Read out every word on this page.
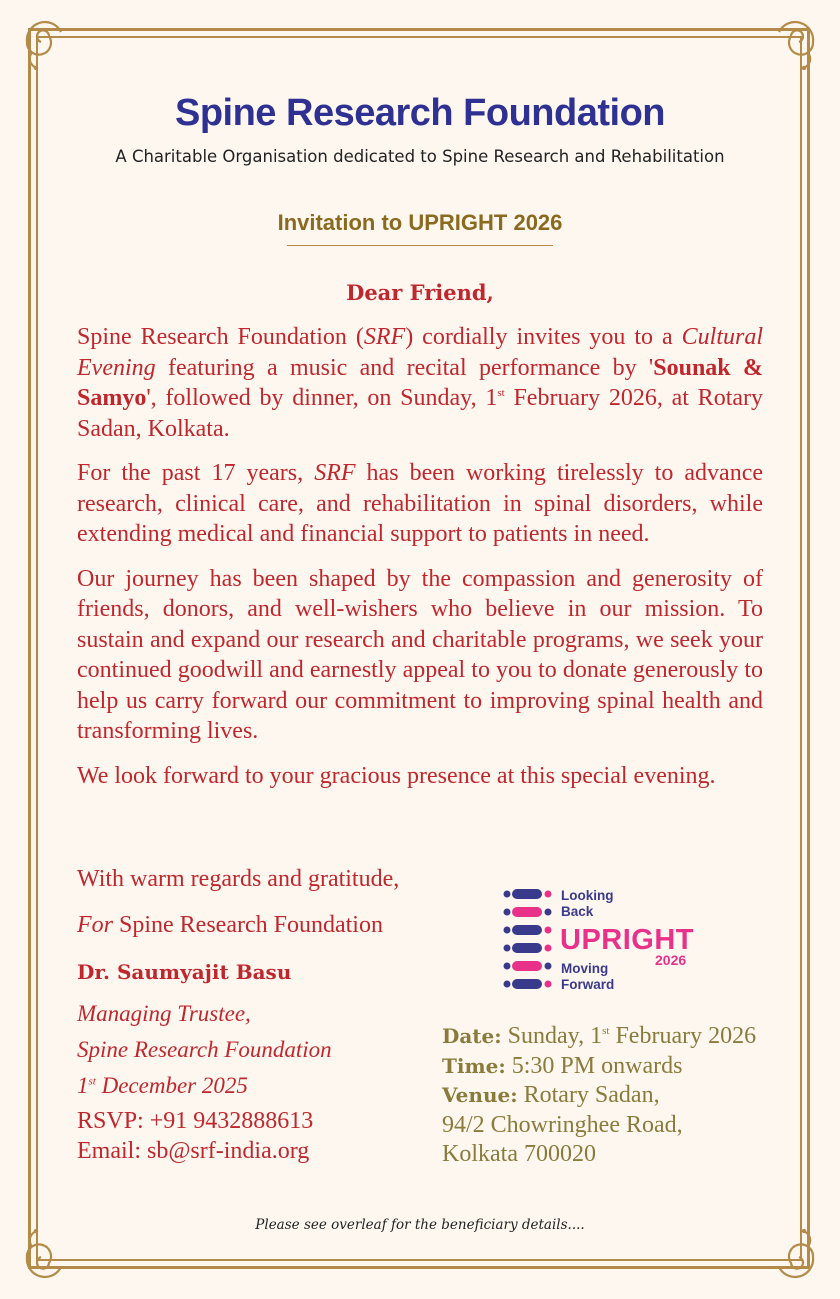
Spine Research Foundation
A Charitable Organisation dedicated to Spine Research and Rehabilitation
Invitation to UPRIGHT 2026
Dear Friend,

Spine Research Foundation (SRF) cordially invites you to a Cultural Evening featuring a music and recital performance by 'Sounak & Samyo', followed by dinner, on Sunday, 1st February 2026, at Rotary Sadan, Kolkata.

For the past 17 years, SRF has been working tirelessly to advance research, clinical care, and rehabilitation in spinal disorders, while extending medical and financial support to patients in need.

Our journey has been shaped by the compassion and generosity of friends, donors, and well-wishers who believe in our mission. To sustain and expand our research and charitable programs, we seek your continued goodwill and earnestly appeal to you to donate generously to help us carry forward our commitment to improving spinal health and transforming lives.

We look forward to your gracious presence at this special evening.

With warm regards and gratitude,
For Spine Research Foundation
Dr. Saumyajit Basu
Managing Trustee,
Spine Research Foundation
1st December 2025
RSVP: +91 9432888613
Email: sb@srf-india.org
Looking
Back
UPRIGHT
2026
Moving
Forward
Date: Sunday, 1st February 2026
Time: 5:30 PM onwards
Venue: Rotary Sadan,
94/2 Chowringhee Road,
Kolkata 700020
Please see overleaf for the beneficiary details....
